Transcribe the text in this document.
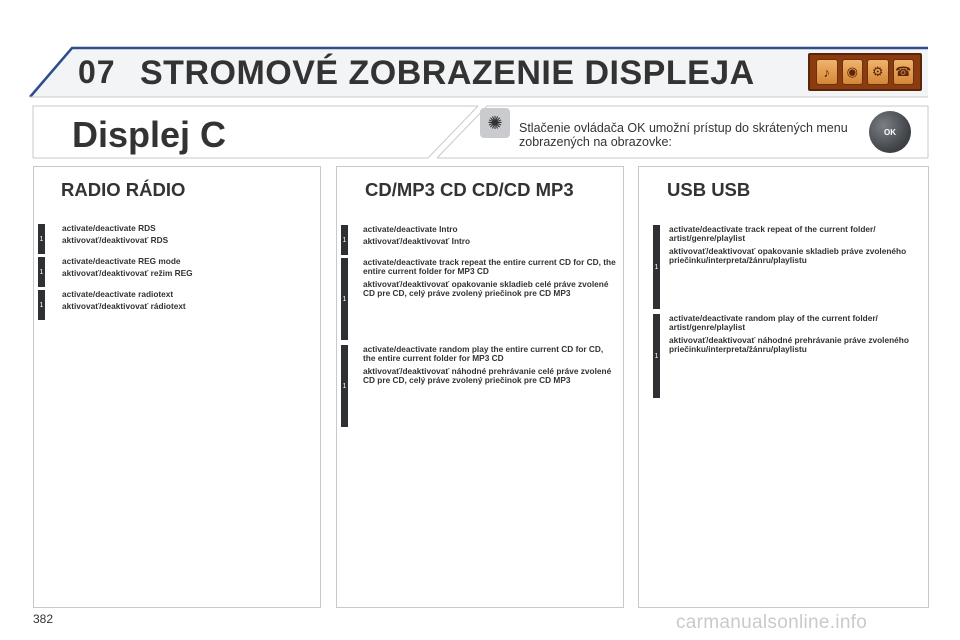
07 STROMOVÉ ZOBRAZENIE DISPLEJA	♪	◉	⚙ ☎
Displej C	✺	Stlačenie ovládača OK umožní prístup do skrátených menu zobrazených na obrazovke:
OK
RADIO RÁDIO
1
activate/deactivate RDS
aktivovať/deaktivovať RDS
1
activate/deactivate REG mode
aktivovať/deaktivovať režim REG
1
activate/deactivate radiotext
aktivovať/deaktivovať rádiotext
CD/MP3 CD CD/CD MP3
1
activate/deactivate Intro
aktivovať/deaktivovať Intro
1
activate/deactivate track repeat the entire current CD for CD, the entire current folder for MP3 CD
aktivovať/deaktivovať opakovanie skladieb celé práve zvolené CD pre CD, celý práve zvolený priečinok pre CD MP3
1
activate/deactivate random play the entire current CD for CD, the entire current folder for MP3 CD
aktivovať/deaktivovať náhodné prehrávanie celé práve zvolené CD pre CD, celý práve zvolený priečinok pre CD MP3
USB USB
1
activate/deactivate track repeat of the current folder/ artist/genre/playlist
aktivovať/deaktivovať opakovanie skladieb práve zvoleného priečinku/interpreta/žánru/playlistu
1
activate/deactivate random play of the current folder/ artist/genre/playlist
aktivovať/deaktivovať náhodné prehrávanie práve zvoleného priečinku/interpreta/žánru/playlistu
382	carmanualsonline.info
